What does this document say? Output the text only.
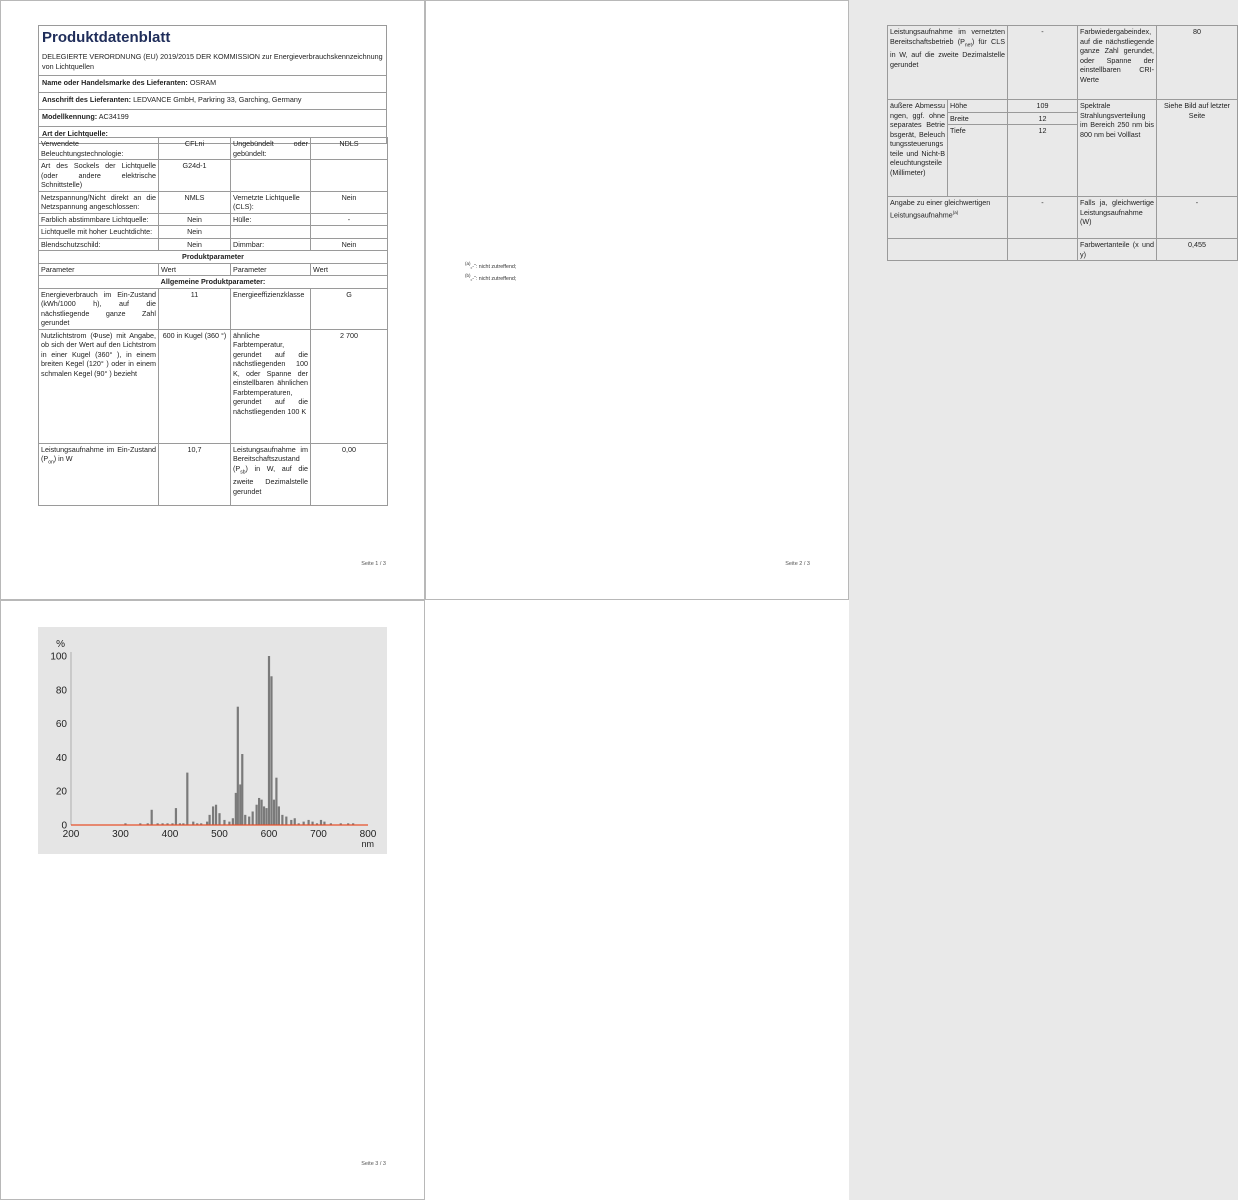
Produktdatenblatt
DELEGIERTE VERORDNUNG (EU) 2019/2015 DER KOMMISSION zur Energieverbrauchskennzeichnung von Lichtquellen
Name oder Handelsmarke des Lieferanten: OSRAM
Anschrift des Lieferanten: LEDVANCE GmbH, Parkring 33, Garching, Germany
Modellkennung: AC34199
Art der Lichtquelle:
Verwendete Beleuchtungstechnologie:	CFLni	Ungebündelt oder gebündelt:	NDLS
Art des Sockels der Lichtquelle (oder andere elektrische Schnittstelle)	G24d-1		
Netzspannung/Nicht direkt an die Netzspannung angeschlossen:	NMLS	Vernetzte Lichtquelle (CLS):	Nein
Farblich abstimmbare Lichtquelle:	Nein	Hülle:	-
Lichtquelle mit hoher Leuchtdichte:	Nein		
Blendschutzschild:	Nein	Dimmbar:	Nein
Produktparameter			
Parameter	Wert	Parameter	Wert
Allgemeine Produktparameter:			
Energieverbrauch im Ein-Zustand (kWh/1000 h), auf die nächstliegende ganze Zahl gerundet	11	Energieeffizienzklasse	G
Nutzlichtstrom (Φuse) mit Angabe, ob sich der Wert auf den Lichtstrom in einer Kugel (360° ), in einem breiten Kegel (120° ) oder in einem schmalen Kegel (90° ) bezieht	600 in Kugel (360 °)	ähnliche Farbtemperatur, gerundet auf die nächstliegenden 100 K, oder Spanne der einstellbaren ähnlichen Farbtemperaturen, gerundet auf die nächstliegenden 100 K	2 700
Leistungsaufnahme im Ein-Zustand $(P_{on})$ in W	10,7	Leistungsaufnahme im Bereitschaftszustand $(P_{sb})$ in W, auf die zweite Dezimalstelle gerundet	0,00
Seite 1 / 3
Leistungsaufnahme im vernetzten Bereitschaftsbetrieb $(P_{net})$ für CLS in W, auf die zweite Dezimalstelle gerundet		-	Farbwiedergabeindex, auf die nächstliegende ganze Zahl gerundet, oder Spanne der einstellbaren CRI-Werte	80
äußere Abmessungen, ggf. ohne separates Betriebsgerät, Beleuchtungssteuerungsteile und Nicht-Beleuchtungsteile (Millimeter)	Höhe	109	Spektrale Strahlungsverteilung im Bereich 250 nm bis 800 nm bei Volllast	Siehe Bild auf letzter Seite
	Breite	12		
	Tiefe	12		
Angabe zu einer gleichwertigen Leistungsaufnahme$^{(a)}$		-	Falls ja, gleichwertige Leistungsaufnahme (W)	-
			Farbwertanteile (x und y)	0,455
$^{(a)}$„-“: nicht zutreffend;
$^{(b)}$„-“: nicht zutreffend;
Seite 2 / 3
0
20
40
60
80
100
200	300	400	500	600	700	800
%
nm
Seite 3 / 3
